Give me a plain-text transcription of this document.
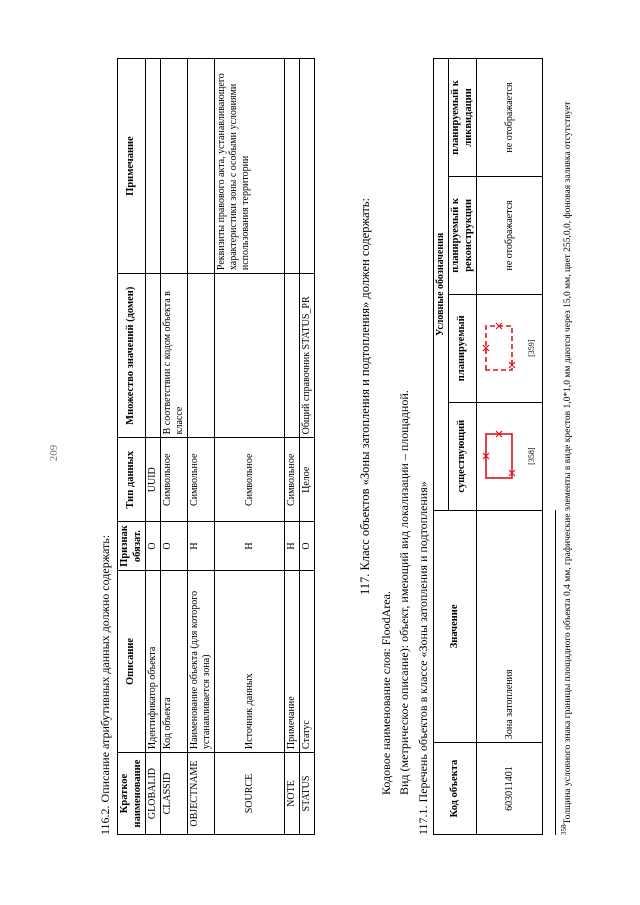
209
116.2. Описание атрибутивных данных должно содержать: Краткое наименование	Описание	Признак обязат.	Тип данных	Множество значений (домен)	Примечание
GLOBALID	Идентификатор объекта	О	UUID		
CLASSID	Код объекта	О	Символьное	В соответствии с кодом объекта в классе	
OBJECTNAME	Наименование объекта (для которого устанавливается зона)	Н	Символьное		
SOURCE	Источник данных	Н	Символьное		Реквизиты правового акта, устанавливающего характеристики зоны с особыми условиями использования территории
NOTE	Примечание	Н	Символьное		
STATUS	Статус	О	Целое	Общий справочник STATUS_PR		117. Класс объектов «Зоны затопления и подтопления» должен содержать:
Кодовое наименование слоя: FloodArea. Вид (метрическое описание): объект, имеющий вид локализации – площадной. 117.1. Перечень объектов в классе «Зоны затопления и подтопления» Код объекта	Значение	Условные обозначения			
		существующий	планируемый	планируемый к реконструкции	планируемый к ликвидации
603011401	Зона затопления	[358]	[359]	не отображается	не отображается
$^{358}$Толщина условного знака границы площадного объекта 0,4 мм, графические элементы в виде крестов 1,0*1,0 мм даются через 15,0 мм, цвет 255,0,0, фоновая заливка отсутствует
